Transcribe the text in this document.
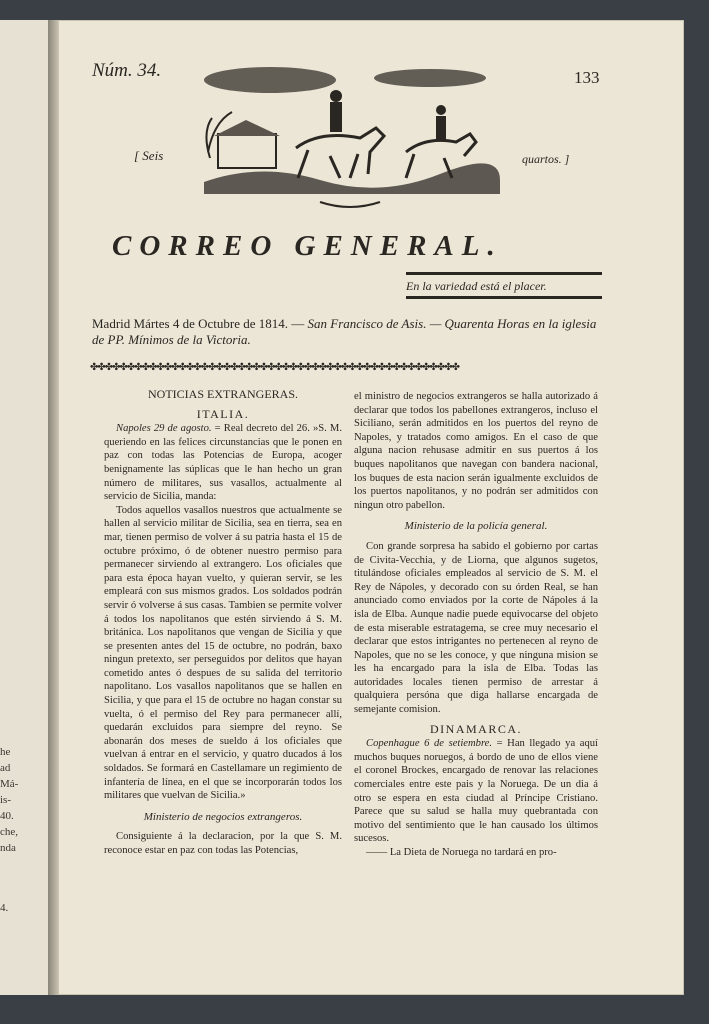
he
ad
Má-
is-
40.
che,
nda
4.
Núm. 34.	133
[ Seis	quartos. ]
CORREO GENERAL.
En la variedad está el placer.
Madrid Mártes 4 de Octubre de 1814. — San Francisco de Asis. — Quarenta Horas en la iglesia de PP. Mínimos de la Victoria.
✤✤✤✤✤✤✤✤✤✤✤✤✤✤✤✤✤✤✤✤✤✤✤✤✤✤✤✤✤✤✤✤✤✤✤✤✤✤✤✤✤✤✤✤✤✤✤✤✤✤
NOTICIAS EXTRANGERAS.
ITALIA.

Napoles 29 de agosto. = Real decreto del 26. »S. M. queriendo en las felices circunstancias que le ponen en paz con todas las Potencias de Europa, acoger benignamente las súplicas que le han hecho un gran número de militares, sus vasallos, actualmente al servicio de Sicilia, manda:

Todos aquellos vasallos nuestros que actualmente se hallen al servicio militar de Sicilia, sea en tierra, sea en mar, tienen permiso de volver á su patria hasta el 15 de octubre próximo, ó de obtener nuestro permiso para permanecer sirviendo al extrangero. Los oficiales que para esta época hayan vuelto, y quieran servir, se les empleará con sus mismos grados. Los soldados podrán servir ó volverse á sus casas. Tambien se permite volver á todos los napolitanos que estén sirviendo á S. M. británica. Los napolitanos que vengan de Sicilia y que se presenten antes del 15 de octubre, no podrán, baxo ningun pretexto, ser perseguidos por delitos que hayan cometido antes ó despues de su salida del territorio napolitano. Los vasallos napolitanos que se hallen en Sicilia, y que para el 15 de octubre no hagan constar su vuelta, ó el permiso del Rey para permanecer allí, quedarán excluidos para siempre del reyno. Se abonarán dos meses de sueldo á los oficiales que vuelvan á entrar en el servicio, y quatro ducados á los soldados. Se formará en Castellamare un regimiento de infantería de línea, en el que se incorporarán todos los militares que vuelvan de Sicilia.»

Ministerio de negocios extrangeros.

Consiguiente á la declaracion, por la que S. M. reconoce estar en paz con todas las Potencias,

el ministro de negocios extrangeros se halla autorizado á declarar que todos los pabellones extrangeros, incluso el Siciliano, serán admitidos en los puertos del reyno de Napoles, y tratados como amigos. En el caso de que alguna nacion rehusase admitir en sus puertos á los buques napolitanos que navegan con bandera nacional, los buques de esta nacion serán igualmente excluidos de los puertos napolitanos, y no podrán ser admitidos con ningun otro pabellon.

Ministerio de la policía general.

Con grande sorpresa ha sabido el gobierno por cartas de Civita-Vecchia, y de Liorna, que algunos sugetos, titulándose oficiales empleados al servicio de S. M. el Rey de Nápoles, y decorado con su órden Real, se han anunciado como enviados por la corte de Nápoles á la isla de Elba. Aunque nadie puede equivocarse del objeto de esta miserable estratagema, se cree muy necesario el declarar que estos intrigantes no pertenecen al reyno de Napoles, que no se les conoce, y que ninguna mision se les ha encargado para la isla de Elba. Todas las autoridades locales tienen permiso de arrestar á qualquiera persóna que diga hallarse encargada de semejante comision.

DINAMARCA.

Copenhague 6 de setiembre. = Han llegado ya aquí muchos buques noruegos, á bordo de uno de ellos viene el coronel Brockes, encargado de renovar las relaciones comerciales entre este pais y la Noruega. De un dia á otro se espera en esta ciudad al Príncipe Cristiano. Parece que su salud se halla muy quebrantada con motivo del sentimiento que le han causado los últimos sucesos.

—— La Dieta de Noruega no tardará en pro-
